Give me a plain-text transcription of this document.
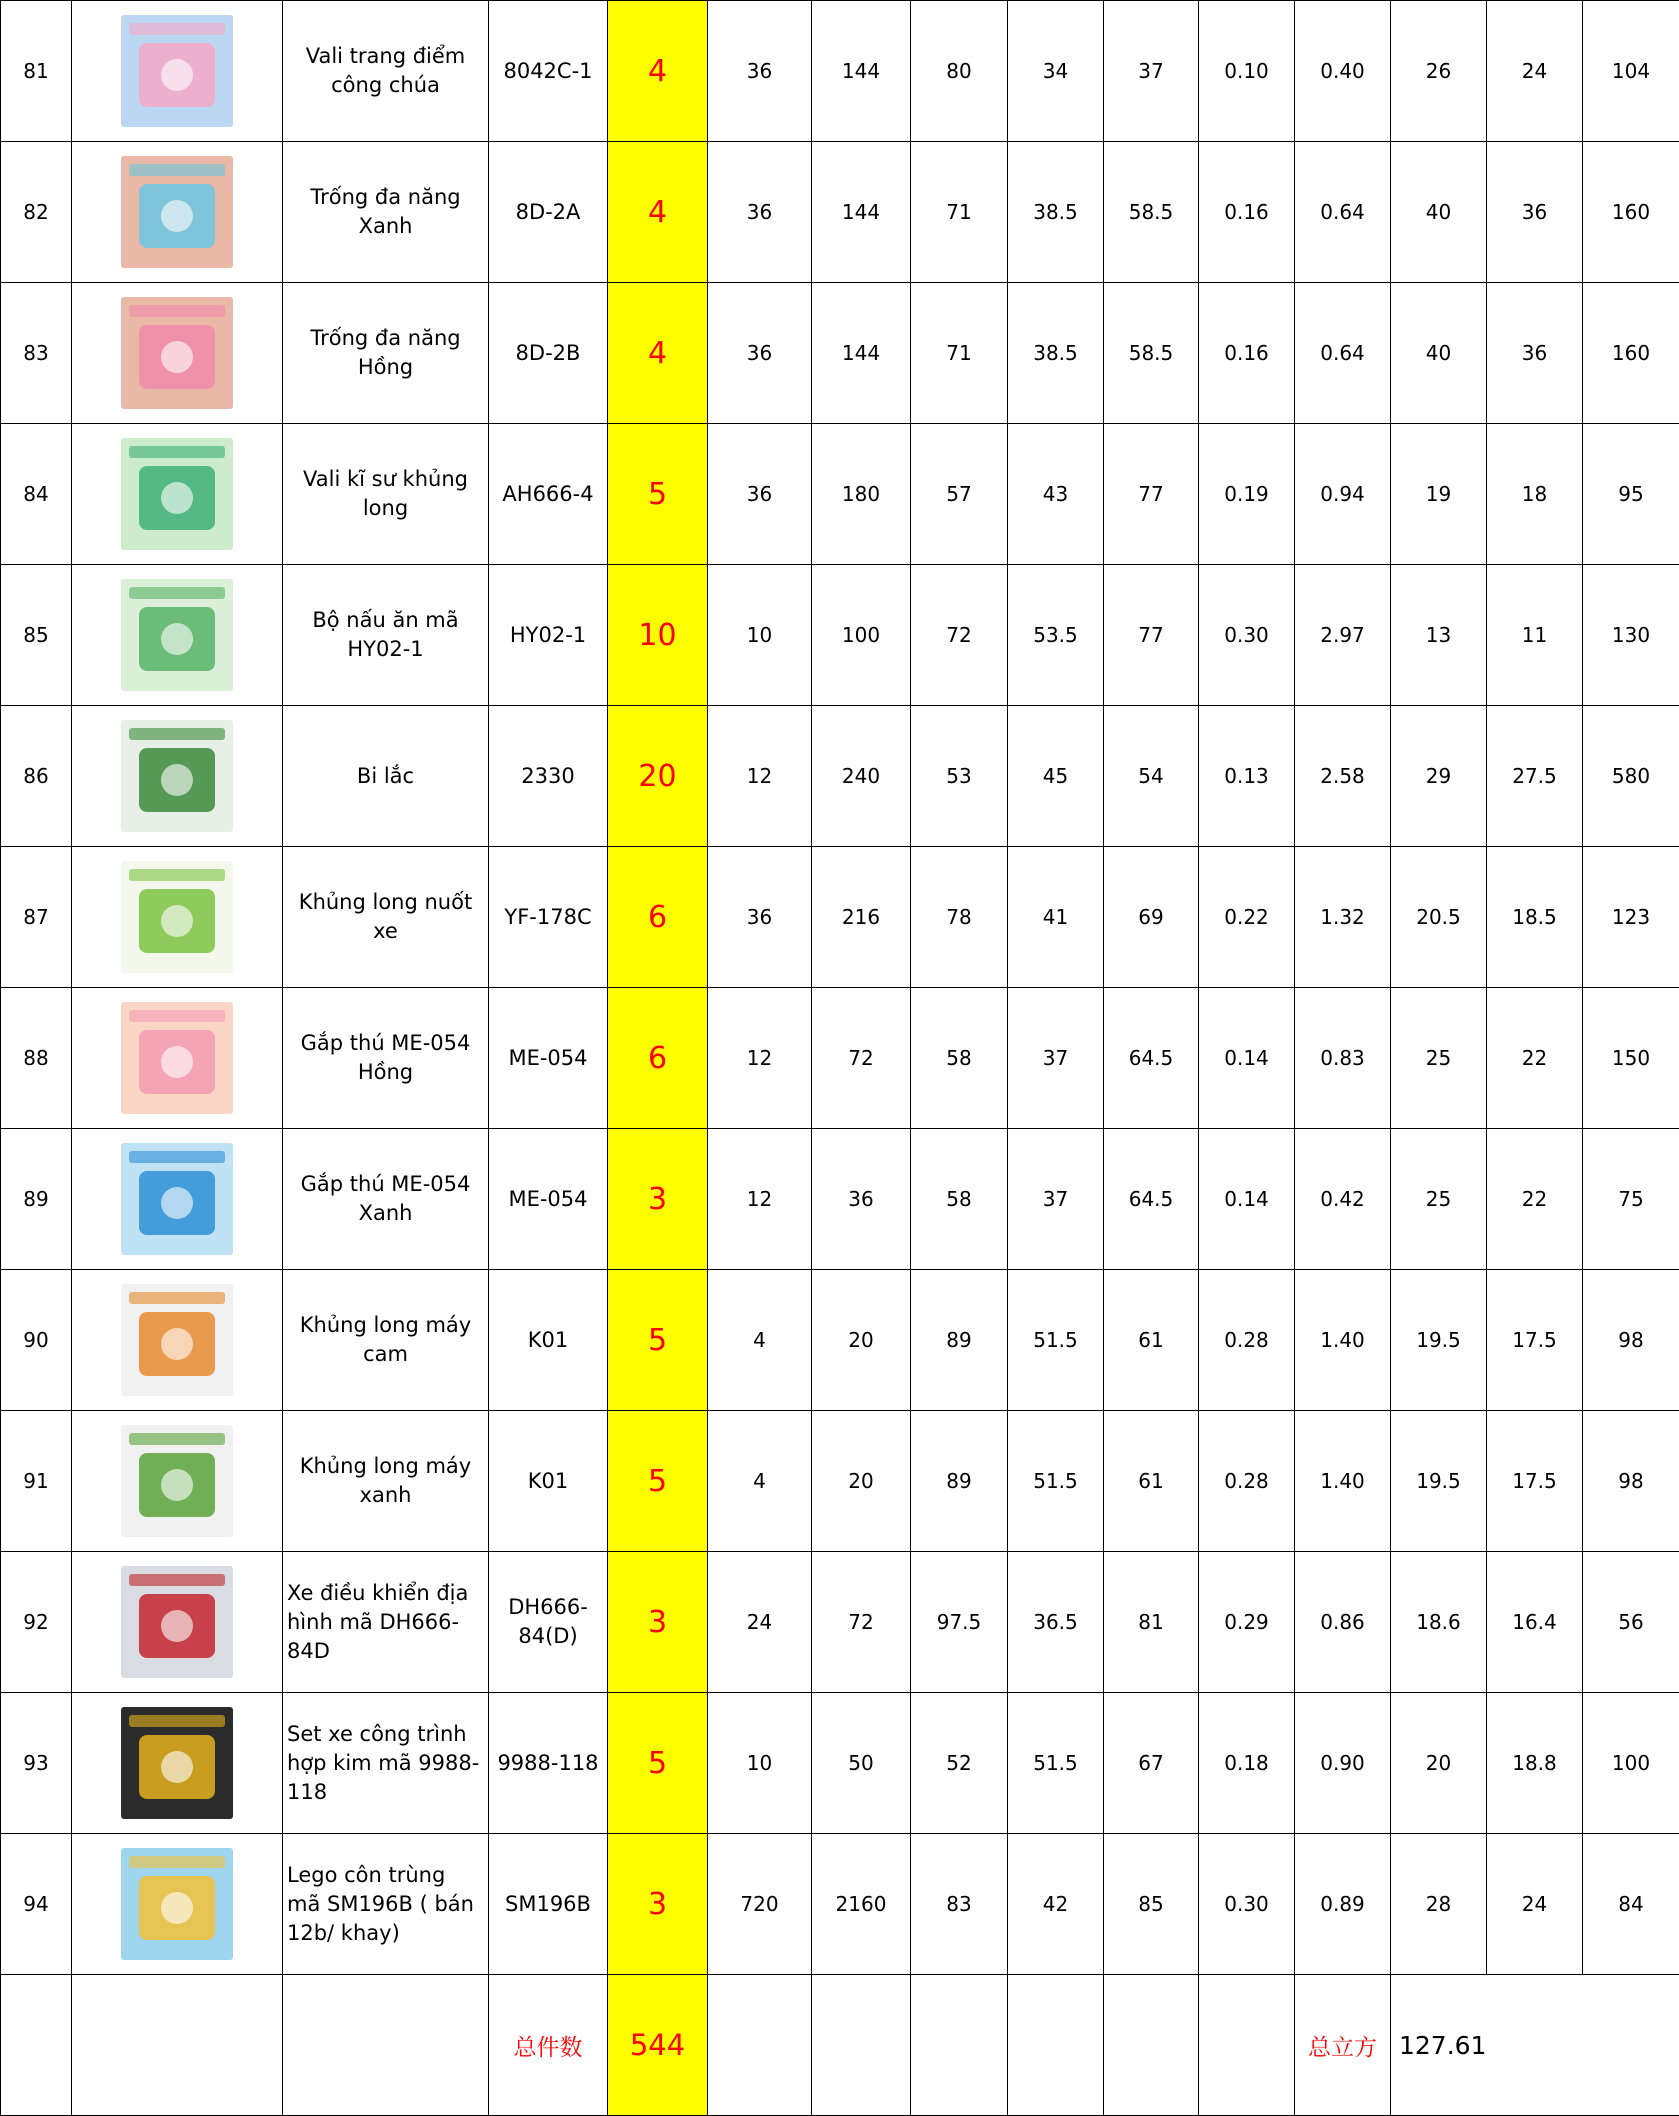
81		Vali trang điểm công chúa	8042C-1	4	36	144	80	34	37	0.10	0.40	26	24	104
82		Trống đa năng Xanh	8D-2A	4	36	144	71	38.5	58.5	0.16	0.64	40	36	160
83		Trống đa năng Hồng	8D-2B	4	36	144	71	38.5	58.5	0.16	0.64	40	36	160
84		Vali kĩ sư khủng long	AH666-4	5	36	180	57	43	77	0.19	0.94	19	18	95
85		Bộ nấu ăn mã HY02-1	HY02-1	10	10	100	72	53.5	77	0.30	2.97	13	11	130
86		Bi lắc	2330	20	12	240	53	45	54	0.13	2.58	29	27.5	580
87		Khủng long nuốt xe	YF-178C	6	36	216	78	41	69	0.22	1.32	20.5	18.5	123
88		Gắp thú ME-054 Hồng	ME-054	6	12	72	58	37	64.5	0.14	0.83	25	22	150
89		Gắp thú ME-054 Xanh	ME-054	3	12	36	58	37	64.5	0.14	0.42	25	22	75
90		Khủng long máy cam	K01	5	4	20	89	51.5	61	0.28	1.40	19.5	17.5	98
91		Khủng long máy xanh	K01	5	4	20	89	51.5	61	0.28	1.40	19.5	17.5	98
92		Xe điều khiển địa hình mã DH666-84D	DH666-84(D)	3	24	72	97.5	36.5	81	0.29	0.86	18.6	16.4	56
93		Set xe công trình hợp kim mã 9988-118	9988-118	5	10	50	52	51.5	67	0.18	0.90	20	18.8	100
94		Lego côn trùng mã SM196B ( bán 12b/ khay)	SM196B	3	720	2160	83	42	85	0.30	0.89	28	24	84
			总件数	544							总立方	127.61		
